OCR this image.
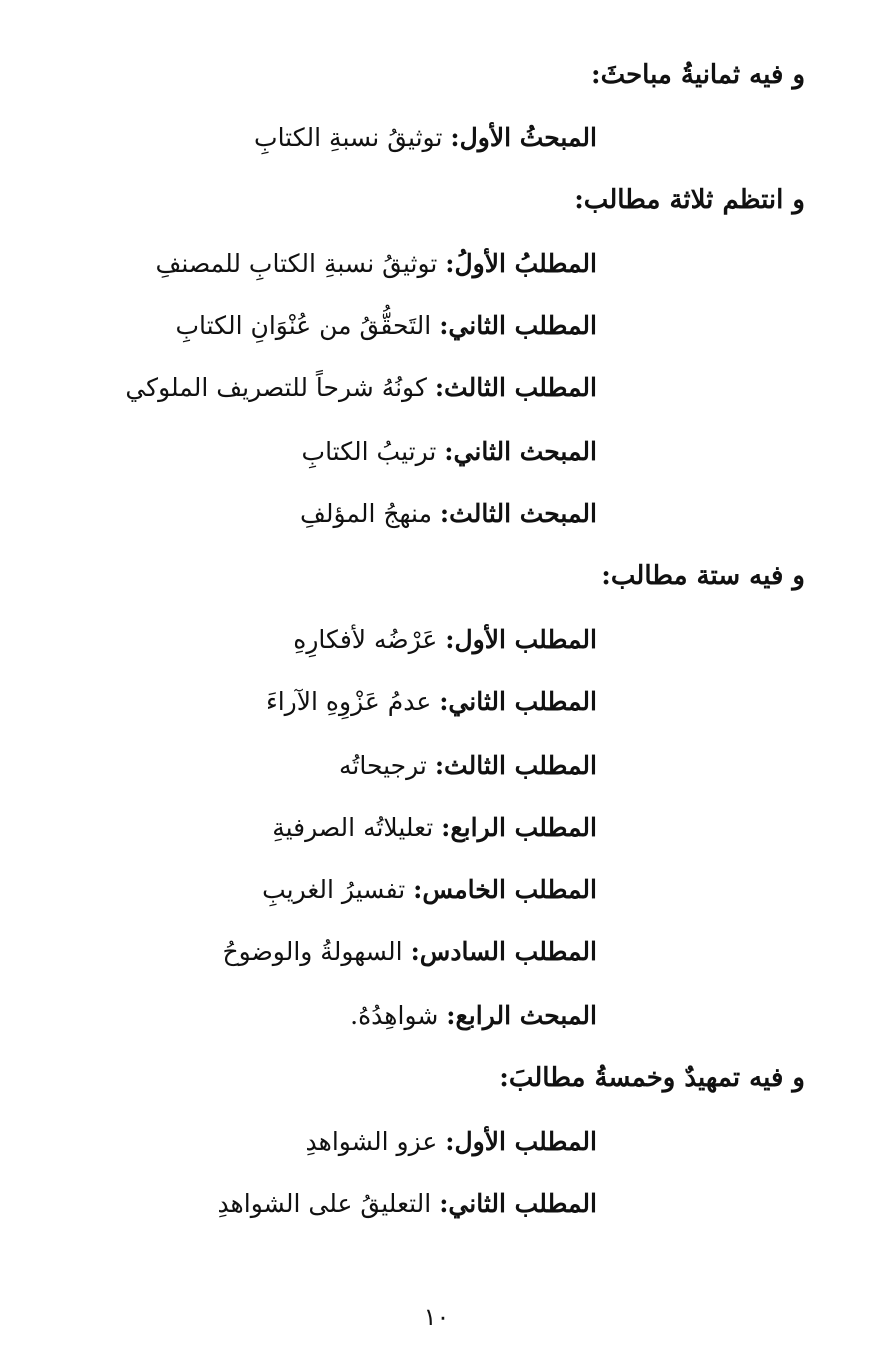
و فيه ثمانيةُ مباحثَ:
المبحثُ الأول: توثيقُ نسبةِ الكتابِ
و انتظم ثلاثة مطالب:
المطلبُ الأولُ: توثيقُ نسبةِ الكتابِ للمصنفِ
المطلب الثاني: التَحقُّقُ من عُنْوَانِ الكتابِ
المطلب الثالث: كونُهُ شرحاً للتصريف الملوكي
المبحث الثاني: ترتيبُ الكتابِ
المبحث الثالث: منهجُ المؤلفِ
و فيه ستة مطالب:
المطلب الأول: عَرْضُه لأفكارِهِ
المطلب الثاني: عدمُ عَزْوِهِ الآراءَ
المطلب الثالث: ترجيحاتُه
المطلب الرابع: تعليلاتُه الصرفيةِ
المطلب الخامس: تفسيرُ الغريبِ
المطلب السادس: السهولةُ والوضوحُ
المبحث الرابع: شواهِدُهُ.
و فيه تمهيدٌ وخمسةُ مطالبَ:
المطلب الأول: عزو الشواهدِ
المطلب الثاني: التعليقُ على الشواهدِ
١٠
